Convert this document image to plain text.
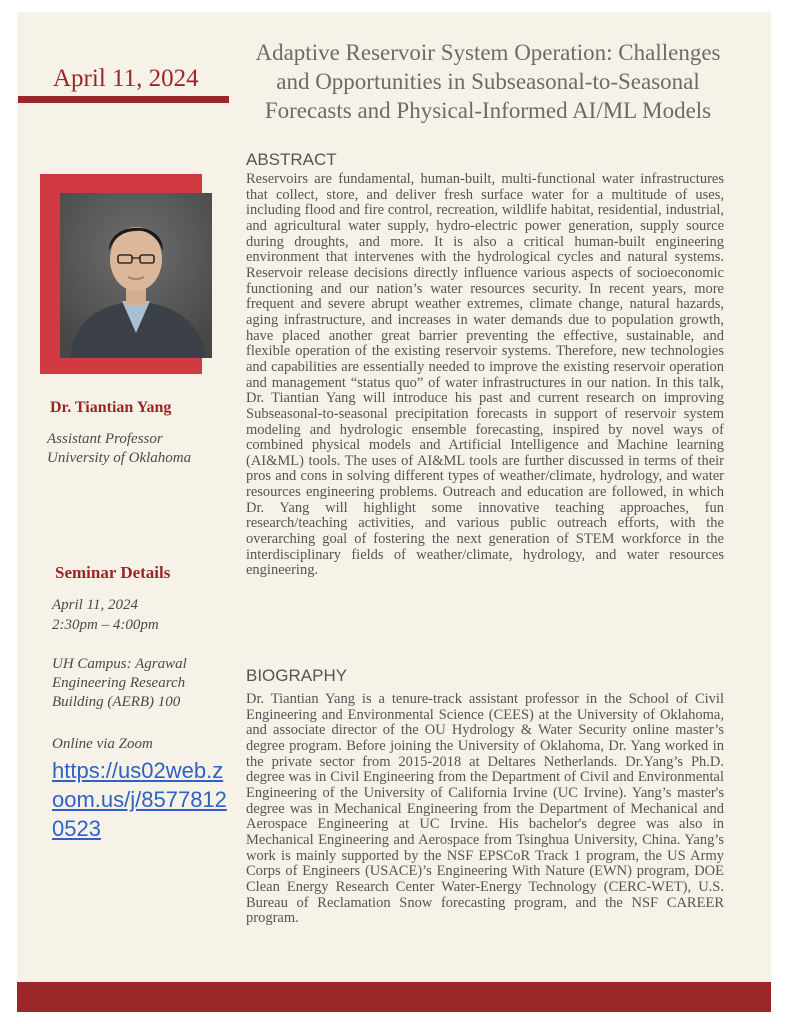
April 11, 2024
Adaptive Reservoir System Operation: Challenges and Opportunities in Subseasonal-to-Seasonal Forecasts and Physical-Informed AI/ML Models
Dr. Tiantian Yang
Assistant Professor
University of Oklahoma
Seminar Details
April 11, 2024
2:30pm – 4:00pm
UH Campus: Agrawal
Engineering Research
Building (AERB) 100
Online via Zoom
https://us02web.zoom.us/j/85778120523
ABSTRACT
Reservoirs are fundamental, human-built, multi-functional water infrastructures that collect, store, and deliver fresh surface water for a multitude of uses, including flood and fire control, recreation, wildlife habitat, residential, industrial, and agricultural water supply, hydro-electric power generation, supply source during droughts, and more. It is also a critical human-built engineering environment that intervenes with the hydrological cycles and natural systems. Reservoir release decisions directly influence various aspects of socioeconomic functioning and our nation’s water resources security. In recent years, more frequent and severe abrupt weather extremes, climate change, natural hazards, aging infrastructure, and increases in water demands due to population growth, have placed another great barrier preventing the effective, sustainable, and flexible operation of the existing reservoir systems. Therefore, new technologies and capabilities are essentially needed to improve the existing reservoir operation and management “status quo” of water infrastructures in our nation. In this talk, Dr. Tiantian Yang will introduce his past and current research on improving Subseasonal-to-seasonal precipitation forecasts in support of reservoir system modeling and hydrologic ensemble forecasting, inspired by novel ways of combined physical models and Artificial Intelligence and Machine learning (AI&ML) tools. The uses of AI&ML tools are further discussed in terms of their pros and cons in solving different types of weather/climate, hydrology, and water resources engineering problems. Outreach and education are followed, in which Dr. Yang will highlight some innovative teaching approaches, fun research/teaching activities, and various public outreach efforts, with the overarching goal of fostering the next generation of STEM workforce in the interdisciplinary fields of weather/climate, hydrology, and water resources engineering.
BIOGRAPHY
Dr. Tiantian Yang is a tenure-track assistant professor in the School of Civil Engineering and Environmental Science (CEES) at the University of Oklahoma, and associate director of the OU Hydrology & Water Security online master’s degree program. Before joining the University of Oklahoma, Dr. Yang worked in the private sector from 2015-2018 at Deltares Netherlands. Dr.Yang’s Ph.D. degree was in Civil Engineering from the Department of Civil and Environmental Engineering of the University of California Irvine (UC Irvine). Yang’s master's degree was in Mechanical Engineering from the Department of Mechanical and Aerospace Engineering at UC Irvine. His bachelor's degree was also in Mechanical Engineering and Aerospace from Tsinghua University, China. Yang’s work is mainly supported by the NSF EPSCoR Track 1 program, the US Army Corps of Engineers (USACE)’s Engineering With Nature (EWN) program, DOE Clean Energy Research Center Water-Energy Technology (CERC-WET), U.S. Bureau of Reclamation Snow forecasting program, and the NSF CAREER program.
